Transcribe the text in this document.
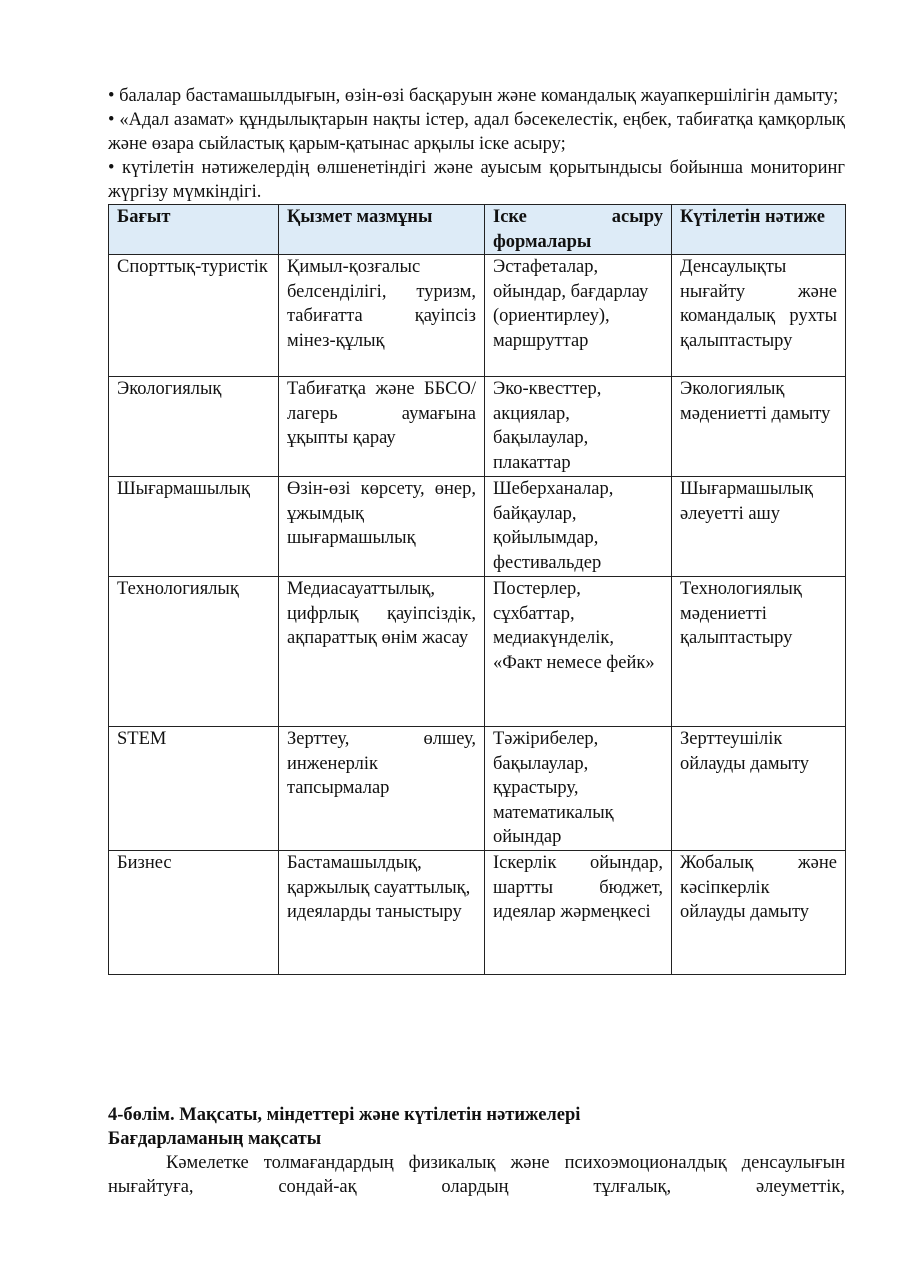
• балалар бастамашылдығын, өзін-өзі басқаруын және командалық жауапкершілігін дамыту;

• «Адал азамат» құндылықтарын нақты істер, адал бәсекелестік, еңбек, табиғатқа қамқорлық және өзара сыйластық қарым-қатынас арқылы іске асыру;

• күтілетін нәтижелердің өлшенетіндігі және ауысым қорытындысы бойынша мониторинг жүргізу мүмкіндігі.

Бағыт	Қызмет мазмұны	Іске асыру формалары	Күтілетін нәтиже
Спорттық-туристік	Қимыл-қозғалыс белсенділігі, туризм, табиғатта қауіпсіз мінез-құлық	Эстафеталар, ойындар, бағдарлау (ориентирлеу), маршруттар	Денсаулықты нығайту және командалық рухты қалыптастыру
Экологиялық	Табиғатқа және ББСО/лагерь аумағына ұқыпты қарау	Эко-квесттер, акциялар, бақылаулар, плакаттар	Экологиялық мәдениетті дамыту
Шығармашылық	Өзін-өзі көрсету, өнер, ұжымдық шығармашылық	Шеберханалар, байқаулар, қойылымдар, фестивальдер	Шығармашылық әлеуетті ашу
Технологиялық	Медиасауаттылық, цифрлық қауіпсіздік, ақпараттық өнім жасау	Постерлер, сұхбаттар, медиакүнделік, «Факт немесе фейк»	Технологиялық мәдениетті қалыптастыру
STEM	Зерттеу, өлшеу, инженерлік тапсырмалар	Тәжірибелер, бақылаулар, құрастыру, математикалық ойындар	Зерттеушілік ойлауды дамыту
Бизнес	Бастамашылдық, қаржылық сауаттылық, идеяларды таныстыру	Іскерлік ойындар, шартты бюджет, идеялар жәрмеңкесі	Жобалық және кәсіпкерлік ойлауды дамыту
4-бөлім. Мақсаты, міндеттері және күтілетін нәтижелері
Бағдарламаның мақсаты

Кәмелетке толмағандардың физикалық және психоэмоционалдық денсаулығын нығайтуға, сондай-ақ олардың тұлғалық, әлеуметтік,
